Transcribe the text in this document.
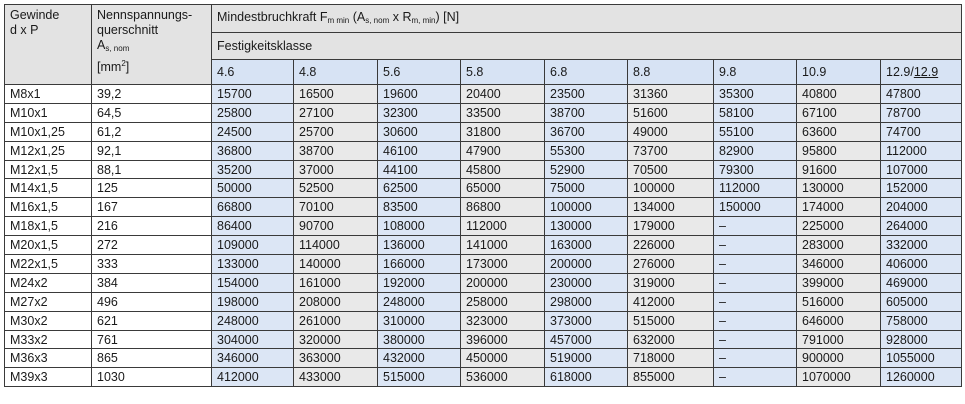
Gewinde
d x P	Nennspannungs-
querschnitt
$A_{s, nom}$
$[mm^2]$	Mindestbruchkraft $F_{m min}$ ($A_{s, nom}$ x $R_{m, min}$) [N]								
		Festigkeitsklasse								
		4.6	4.8	5.6	5.8	6.8	8.8	9.8	10.9	12.9/12.9
M8x1	39,2	15700	16500	19600	20400	23500	31360	35300	40800	47800
M10x1	64,5	25800	27100	32300	33500	38700	51600	58100	67100	78700
M10x1,25	61,2	24500	25700	30600	31800	36700	49000	55100	63600	74700
M12x1,25	92,1	36800	38700	46100	47900	55300	73700	82900	95800	112000
M12x1,5	88,1	35200	37000	44100	45800	52900	70500	79300	91600	107000
M14x1,5	125	50000	52500	62500	65000	75000	100000	112000	130000	152000
M16x1,5	167	66800	70100	83500	86800	100000	134000	150000	174000	204000
M18x1,5	216	86400	90700	108000	112000	130000	179000	–	225000	264000
M20x1,5	272	109000	114000	136000	141000	163000	226000	–	283000	332000
M22x1,5	333	133000	140000	166000	173000	200000	276000	–	346000	406000
M24x2	384	154000	161000	192000	200000	230000	319000	–	399000	469000
M27x2	496	198000	208000	248000	258000	298000	412000	–	516000	605000
M30x2	621	248000	261000	310000	323000	373000	515000	–	646000	758000
M33x2	761	304000	320000	380000	396000	457000	632000	–	791000	928000
M36x3	865	346000	363000	432000	450000	519000	718000	–	900000	1055000
M39x3	1030	412000	433000	515000	536000	618000	855000	–	1070000	1260000
